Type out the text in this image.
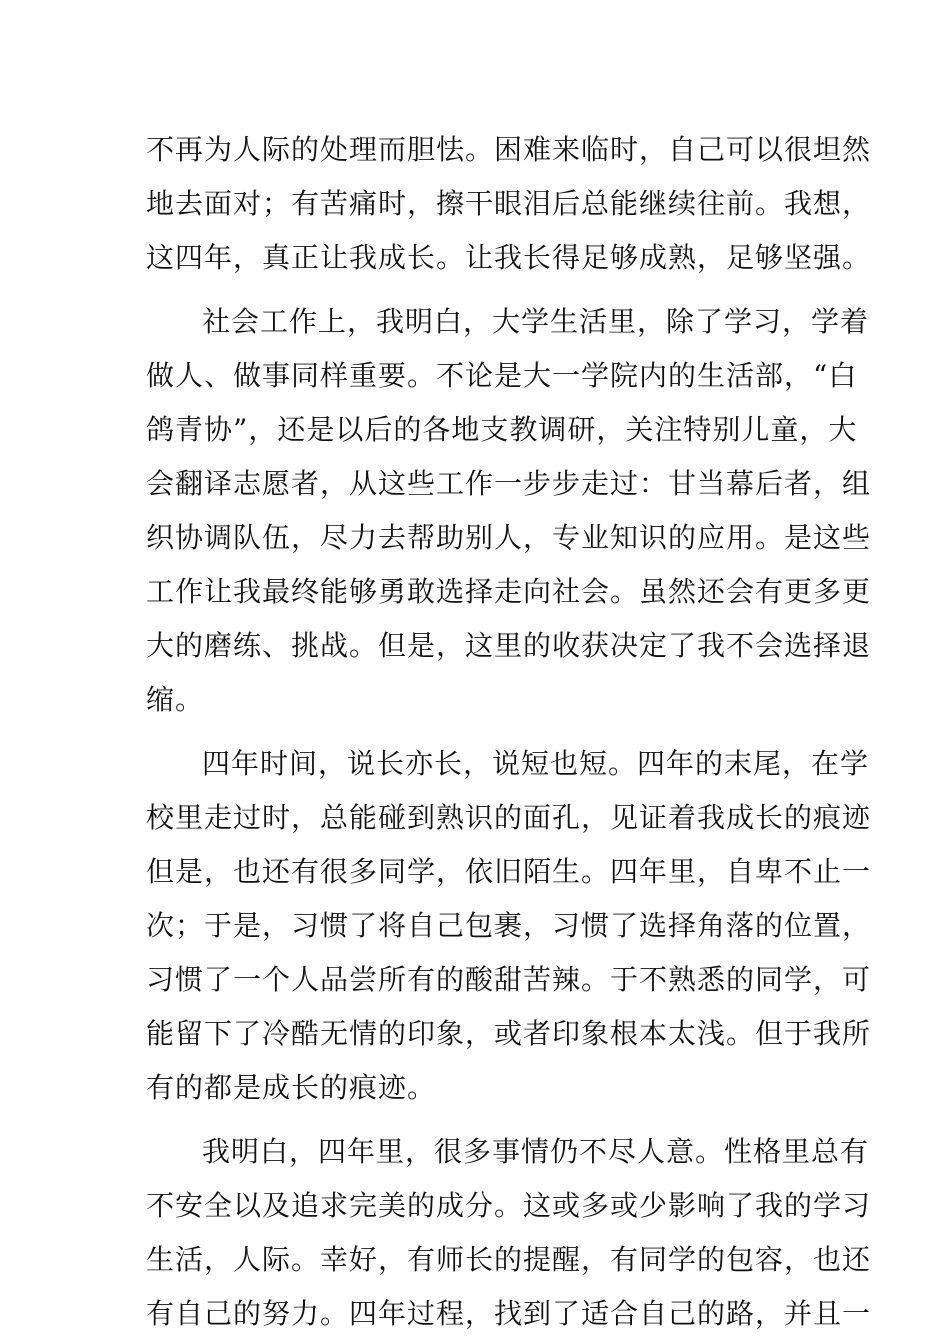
不再为人际的处理而胆怯。困难来临时，自己可以很坦然
地去面对；有苦痛时，擦干眼泪后总能继续往前。我想，
这四年，真正让我成长。让我长得足够成熟，足够坚强。
社会工作上，我明白，大学生活里，除了学习，学着
做人、做事同样重要。不论是大一学院内的生活部，“白
鸽青协”，还是以后的各地支教调研，关注特别儿童，大
会翻译志愿者，从这些工作一步步走过：甘当幕后者，组
织协调队伍，尽力去帮助别人，专业知识的应用。是这些
工作让我最终能够勇敢选择走向社会。虽然还会有更多更
大的磨练、挑战。但是，这里的收获决定了我不会选择退
缩。
四年时间，说长亦长，说短也短。四年的末尾，在学
校里走过时，总能碰到熟识的面孔，见证着我成长的痕迹
但是，也还有很多同学，依旧陌生。四年里，自卑不止一
次；于是，习惯了将自己包裹，习惯了选择角落的位置，
习惯了一个人品尝所有的酸甜苦辣。于不熟悉的同学，可
能留下了冷酷无情的印象，或者印象根本太浅。但于我所
有的都是成长的痕迹。
我明白，四年里，很多事情仍不尽人意。性格里总有
不安全以及追求完美的成分。这或多或少影响了我的学习
生活，人际。幸好，有师长的提醒，有同学的包容，也还
有自己的努力。四年过程，找到了适合自己的路，并且一
